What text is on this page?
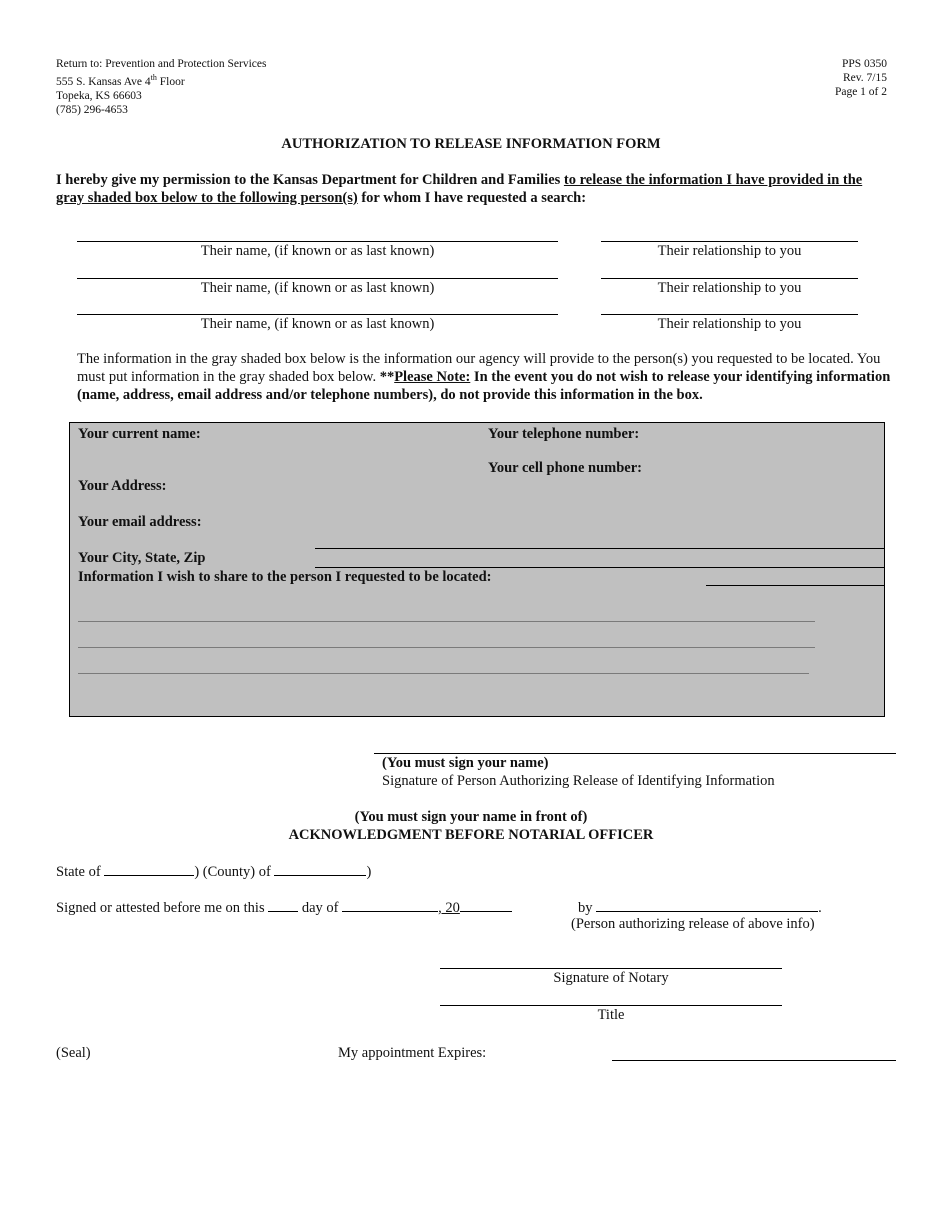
Return to: Prevention and Protection Services
555 S. Kansas Ave 4th Floor
Topeka, KS 66603
(785) 296-4653
PPS 0350
Rev. 7/15
Page 1 of 2
AUTHORIZATION TO RELEASE INFORMATION FORM
I hereby give my permission to the Kansas Department for Children and Families to release the information I have provided in the gray shaded box below to the following person(s) for whom I have requested a search:
Their name, (if known or as last known)	Their relationship to you
Their name, (if known or as last known)	Their relationship to you
Their name, (if known or as last known)	Their relationship to you
The information in the gray shaded box below is the information our agency will provide to the person(s) you requested to be located. You must put information in the gray shaded box below. **Please Note: In the event you do not wish to release your identifying information (name, address, email address and/or telephone numbers), do not provide this information in the box.
Your current name:	Your telephone number:
Your cell phone number:
Your Address:
Your email address:
Your City, State, Zip
Information I wish to share to the person I requested to be located:
(You must sign your name)
Signature of Person Authorizing Release of Identifying Information
(You must sign your name in front of)
ACKNOWLEDGMENT BEFORE NOTARIAL OFFICER
State of	) (County) of	)
Signed or attested before me on this	day of	, 20	by	.
(Person authorizing release of above info)
Signature of Notary
Title
(Seal)	My appointment Expires:
